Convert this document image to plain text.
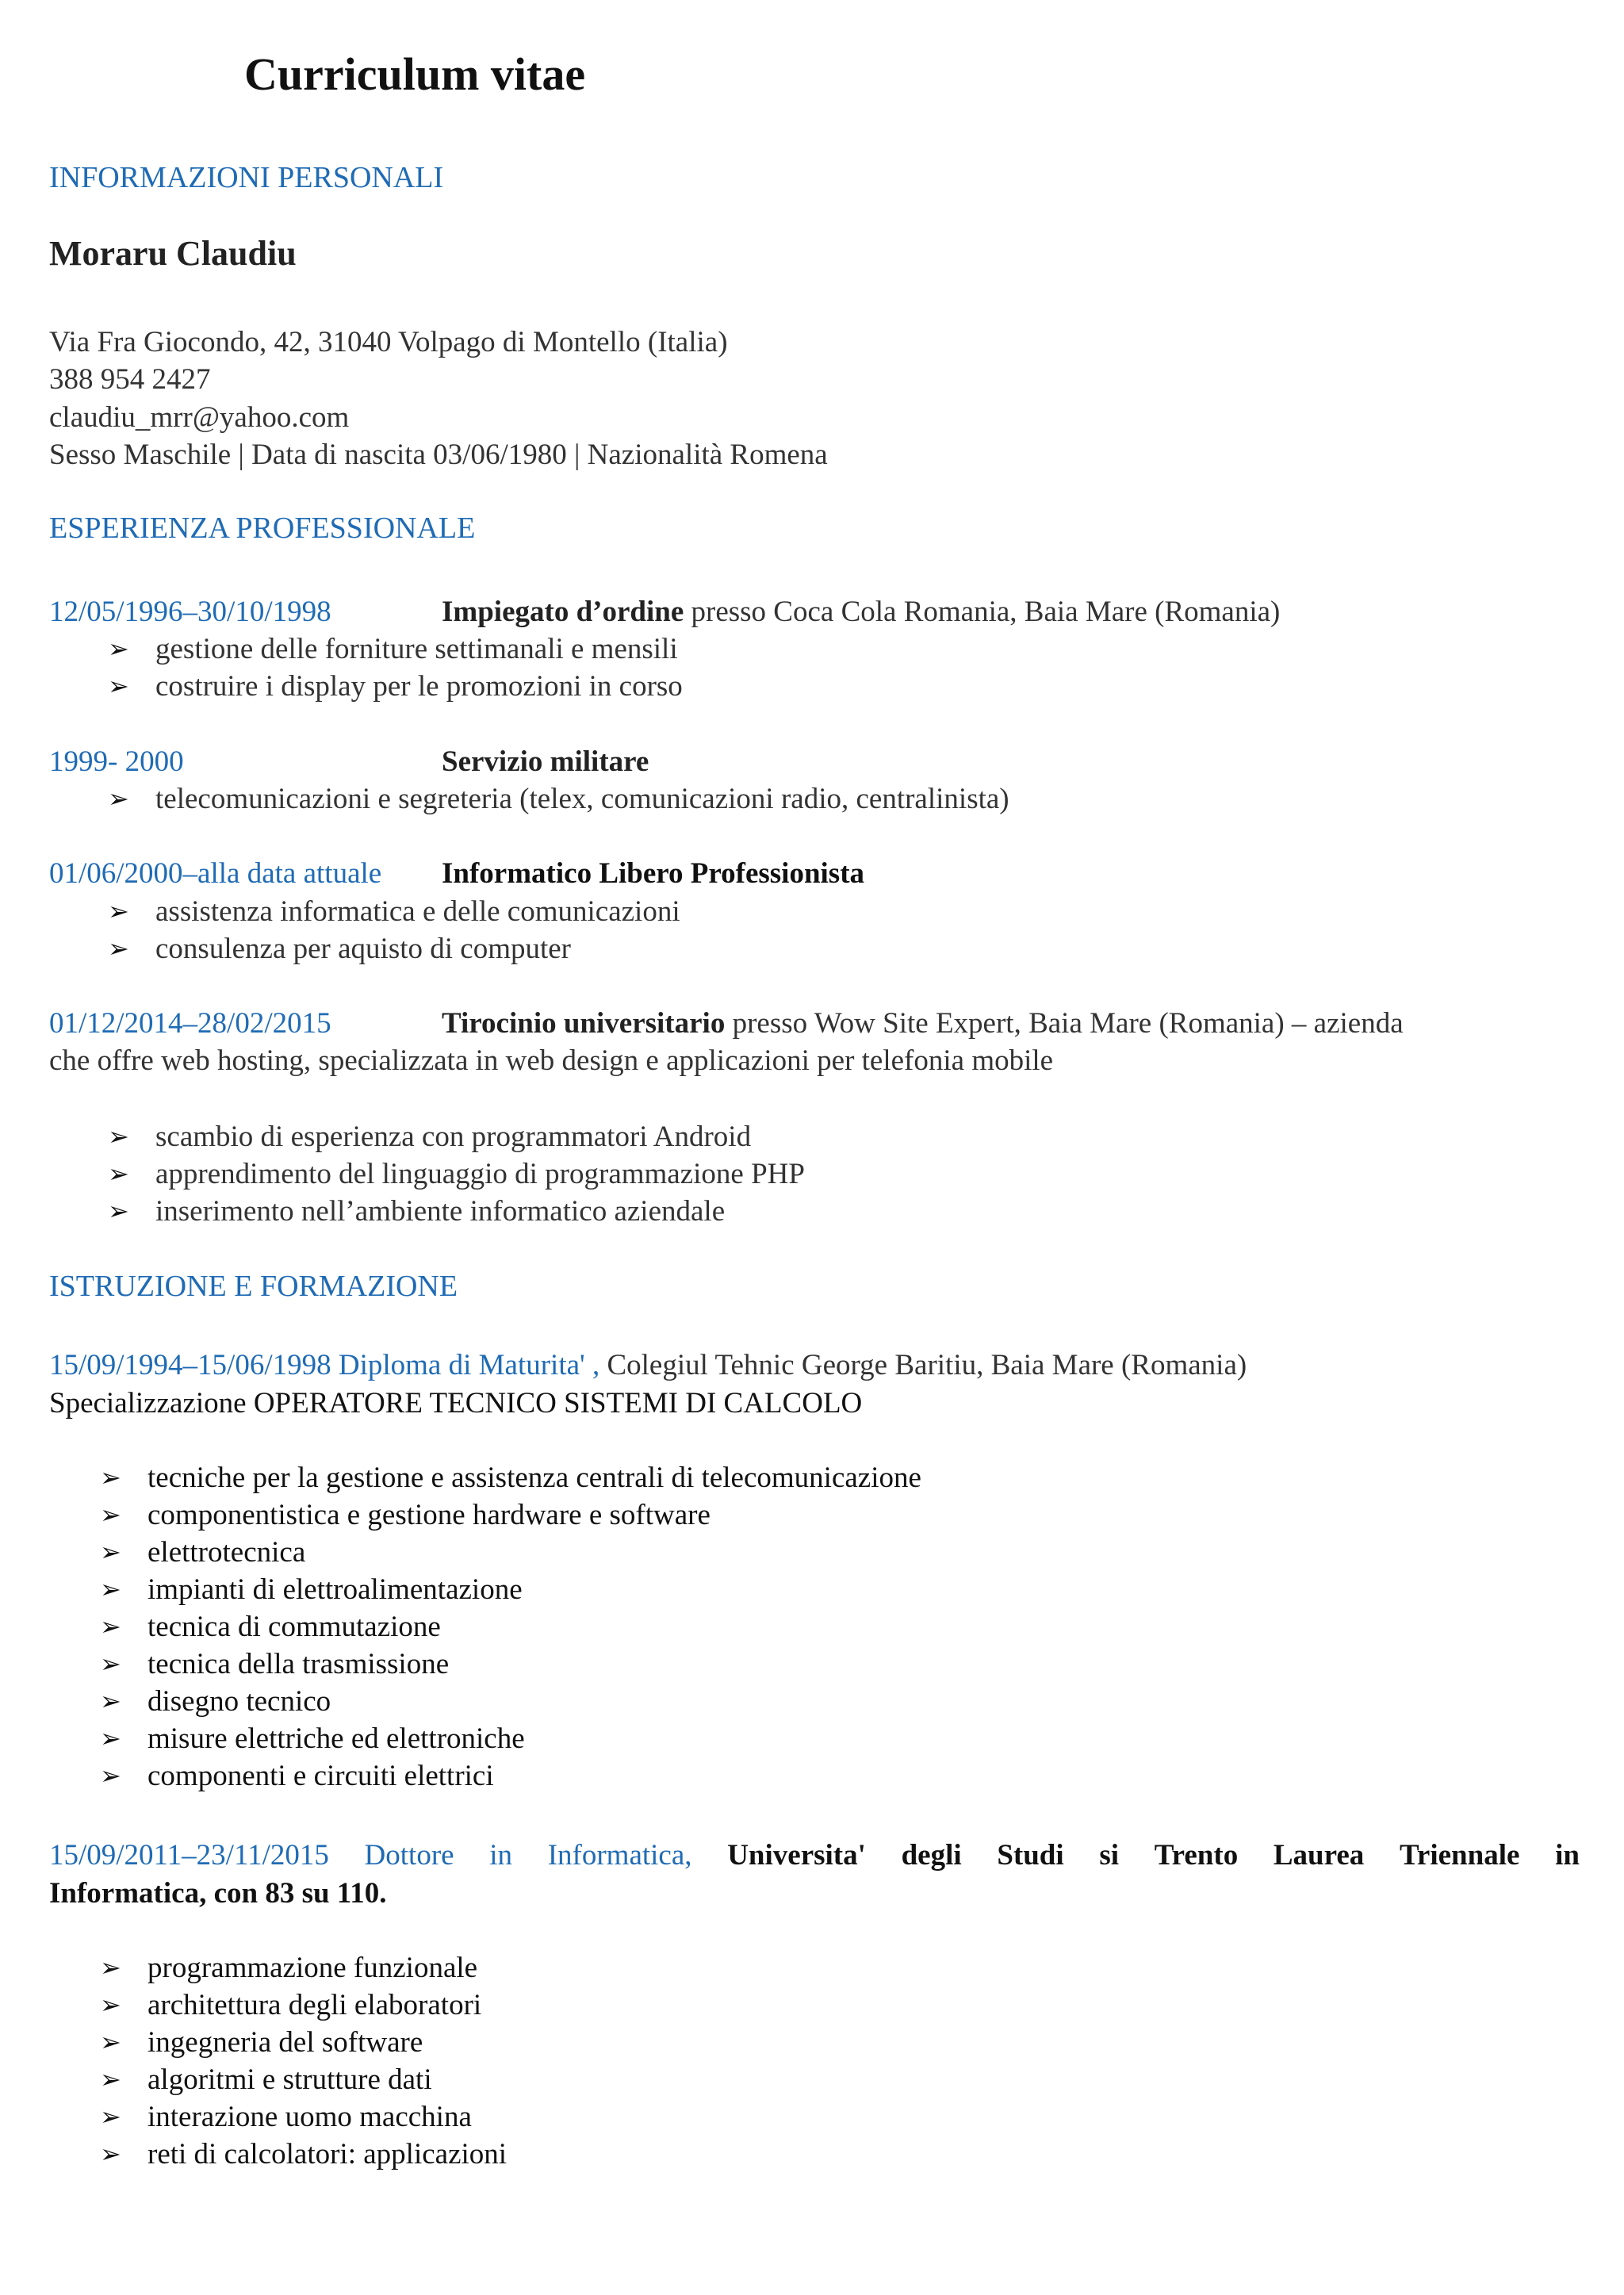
Curriculum vitae
INFORMAZIONI PERSONALI
Moraru Claudiu
Via Fra Giocondo, 42, 31040 Volpago di Montello (Italia)
388 954 2427
claudiu_mrr@yahoo.com
Sesso Maschile | Data di nascita 03/06/1980 | Nazionalità Romena
ESPERIENZA PROFESSIONALE
12/05/1996–30/10/1998	Impiegato d’ordine presso Coca Cola Romania, Baia Mare (Romania)
➢ gestione delle forniture settimanali e mensili
➢ costruire i display per le promozioni in corso
1999- 2000	Servizio militare
➢ telecomunicazioni e segreteria (telex, comunicazioni radio, centralinista)
01/06/2000–alla data attuale Informatico Libero Professionista
➢ assistenza informatica e delle comunicazioni
➢ consulenza per aquisto di computer
01/12/2014–28/02/2015	Tirocinio universitario presso Wow Site Expert, Baia Mare (Romania) – azienda
che offre web hosting, specializzata in web design e applicazioni per telefonia mobile
➢ scambio di esperienza con programmatori Android
➢ apprendimento del linguaggio di programmazione PHP
➢ inserimento nell’ambiente informatico aziendale
ISTRUZIONE E FORMAZIONE
15/09/1994–15/06/1998 Diploma di Maturita' , Colegiul Tehnic George Baritiu, Baia Mare (Romania)
Specializzazione OPERATORE TECNICO SISTEMI DI CALCOLO
➢ tecniche per la gestione e assistenza centrali di telecomunicazione
➢ componentistica e gestione hardware e software
➢ elettrotecnica
➢ impianti di elettroalimentazione
➢ tecnica di commutazione
➢ tecnica della trasmissione
➢ disegno tecnico
➢ misure elettriche ed elettroniche
➢ componenti e circuiti elettrici
15/09/2011–23/11/2015 Dottore in Informatica, Universita' degli Studi si Trento Laurea Triennale in
Informatica, con 83 su 110.
➢ programmazione funzionale
➢ architettura degli elaboratori
➢ ingegneria del software
➢ algoritmi e strutture dati
➢ interazione uomo macchina
➢ reti di calcolatori: applicazioni
